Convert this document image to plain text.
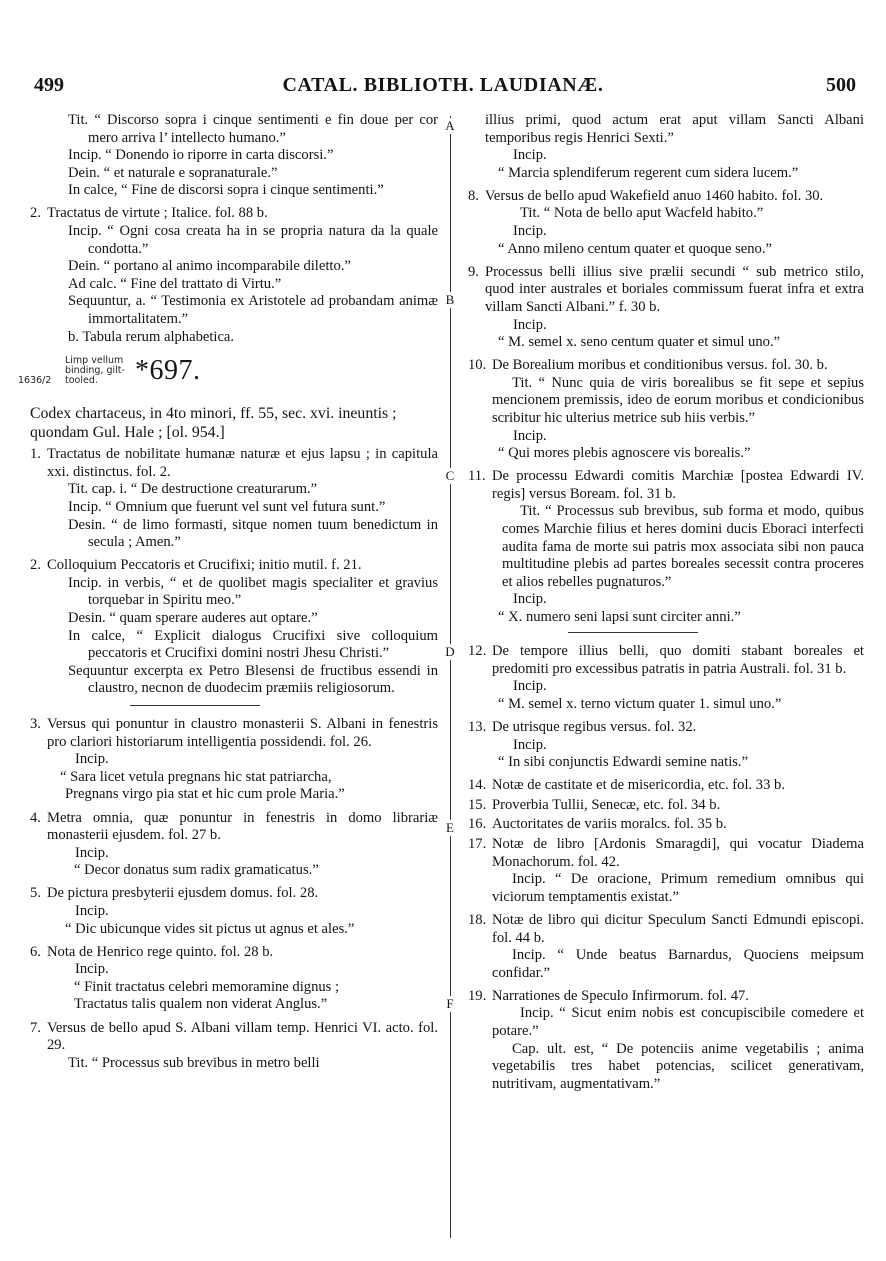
499	CATAL. BIBLIOTH. LAUDIANÆ.	500
A
B
C
D
E
F

Tit. “ Discorso sopra i cinque sentimenti e fin doue per cor mero arriva l’ intellecto humano.”

Incip. “ Donendo io riporre in carta discorsi.”

Dein. “ et naturale e sopranaturale.”

In calce, “ Fine de discorsi sopra i cinque sentimenti.”

2. Tractatus de virtute ; Italice. fol. 88 b.

Incip. “ Ogni cosa creata ha in se propria natura da la quale condotta.”

Dein. “ portano al animo incomparabile diletto.”

Ad calc. “ Fine del trattato di Virtu.”

Sequuntur, a. “ Testimonia ex Aristotele ad probandam animæ immortalitatem.”

b. Tabula rerum alphabetica.

1636/2
Limp vellum binding, gilt-tooled.	*697.

Codex chartaceus, in 4to minori, ff. 55, sec. xvi. ineuntis ; quondam Gul. Hale ; [ol. 954.]

1. Tractatus de nobilitate humanæ naturæ et ejus lapsu ; in capitula xxi. distinctus. fol. 2.

Tit. cap. i. “ De destructione creaturarum.”

Incip. “ Omnium que fuerunt vel sunt vel futura sunt.”

Desin. “ de limo formasti, sitque nomen tuum benedictum in secula ; Amen.”

2. Colloquium Peccatoris et Crucifixi; initio mutil. f. 21.

Incip. in verbis, “ et de quolibet magis specialiter et gravius torquebar in Spiritu meo.”

Desin. “ quam sperare auderes aut optare.”

In calce, “ Explicit dialogus Crucifixi sive colloquium peccatoris et Crucifixi domini nostri Jhesu Christi.”

Sequuntur excerpta ex Petro Blesensi de fructibus essendi in claustro, necnon de duodecim præmiis religiosorum.

3. Versus qui ponuntur in claustro monasterii S. Albani in fenestris pro clariori historiarum intelligentia possidendi. fol. 26.

Incip.

“ Sara licet vetula pregnans hic stat patriarcha,

Pregnans virgo pia stat et hic cum prole Maria.”

4. Metra omnia, quæ ponuntur in fenestris in domo librariæ monasterii ejusdem. fol. 27 b.

Incip.

“ Decor donatus sum radix gramaticatus.”

5. De pictura presbyterii ejusdem domus. fol. 28.

Incip.

“ Dic ubicunque vides sit pictus ut agnus et ales.”

6. Nota de Henrico rege quinto. fol. 28 b.

Incip.

“ Finit tractatus celebri memoramine dignus ;

Tractatus talis qualem non viderat Anglus.”

7. Versus de bello apud S. Albani villam temp. Henrici VI. acto. fol. 29.

Tit. “ Processus sub brevibus in metro belli

illius primi, quod actum erat aput villam Sancti Albani temporibus regis Henrici Sexti.”

Incip.

“ Marcia splendiferum regerent cum sidera lucem.”

8. Versus de bello apud Wakefield anuo 1460 habito. fol. 30.

Tit. “ Nota de bello aput Wacfeld habito.”

Incip.

“ Anno mileno centum quater et quoque seno.”

9. Processus belli illius sive prælii secundi “ sub metrico stilo, quod inter australes et boriales commissum fuerat infra et extra villam Sancti Albani.” f. 30 b.

Incip.

“ M. semel x. seno centum quater et simul uno.”

10. De Borealium moribus et conditionibus versus. fol. 30. b.

Tit. “ Nunc quia de viris borealibus se fit sepe et sepius mencionem premissis, ideo de eorum moribus et condicionibus scribitur hic ulterius metrice sub hiis verbis.”

Incip.

“ Qui mores plebis agnoscere vis borealis.”

11. De processu Edwardi comitis Marchiæ [postea Edwardi IV. regis] versus Boream. fol. 31 b.

Tit. “ Processus sub brevibus, sub forma et modo, quibus comes Marchie filius et heres domini ducis Eboraci interfecti audita fama de morte sui patris mox associata sibi non pauca multitudine plebis ad partes boreales secessit contra proceres et alios rebelles pugnaturos.”

Incip.

“ X. numero seni lapsi sunt circiter anni.”

12. De tempore illius belli, quo domiti stabant boreales et predomiti pro excessibus patratis in patria Australi. fol. 31 b.

Incip.

“ M. semel x. terno victum quater 1. simul uno.”

13. De utrisque regibus versus. fol. 32.

Incip.

“ In sibi conjunctis Edwardi semine natis.”

14. Notæ de castitate et de misericordia, etc. fol. 33 b.

15. Proverbia Tullii, Senecæ, etc. fol. 34 b.

16. Auctoritates de variis moralcs. fol. 35 b.

17. Notæ de libro [Ardonis Smaragdi], qui vocatur Diadema Monachorum. fol. 42.

Incip. “ De oracione, Primum remedium omnibus qui viciorum temptamentis existat.”

18. Notæ de libro qui dicitur Speculum Sancti Edmundi episcopi. fol. 44 b.

Incip. “ Unde beatus Barnardus, Quociens meipsum confidar.”

19. Narrationes de Speculo Infirmorum. fol. 47.

Incip. “ Sicut enim nobis est concupiscibile comedere et potare.”

Cap. ult. est, “ De potenciis anime vegetabilis ; anima vegetabilis tres habet potencias, scilicet generativam, nutritivam, augmentativam.”
